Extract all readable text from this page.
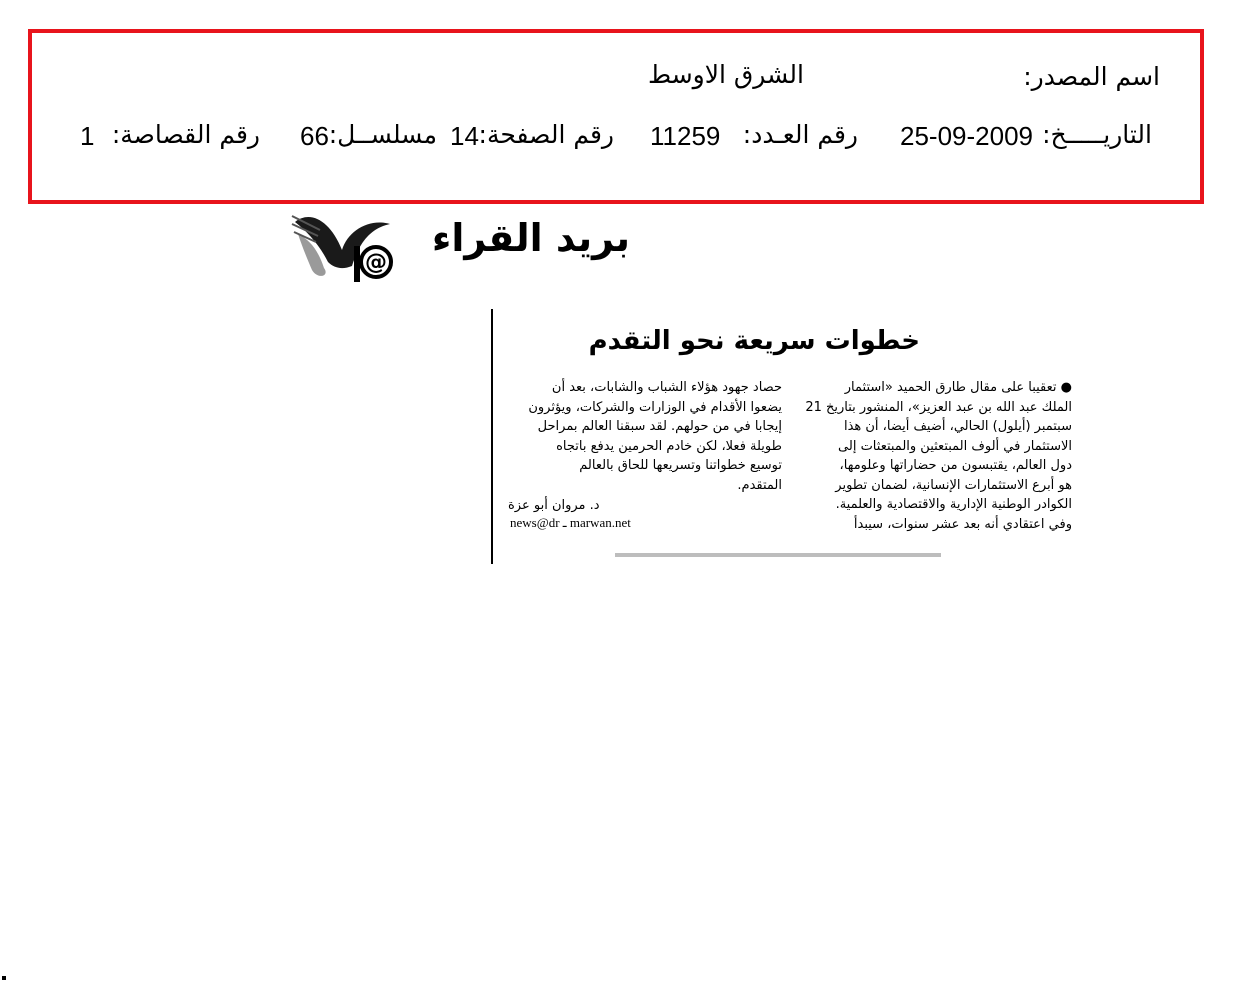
اسم المصدر:
الشرق الاوسط
التاريـــــخ:
25-09-2009
رقم العـدد:
11259
رقم الصفحة:
14
مسلســل:
66
رقم القصاصة:
1
@
بريد القراء
خطوات سريعة نحو التقدم
● تعقيبا على مقال طارق الحميد «استثمار
الملك عبد الله بن عبد العزيز»، المنشور بتاريخ 21
سبتمبر (أيلول) الحالي، أضيف أيضا، أن هذا
الاستثمار في ألوف المبتعثين والمبتعثات إلى
دول العالم، يقتبسون من حضاراتها وعلومها،
هو أبرع الاستثمارات الإنسانية، لضمان تطوير
الكوادر الوطنية الإدارية والاقتصادية والعلمية.
وفي اعتقادي أنه بعد عشر سنوات، سيبدأ
حصاد جهود هؤلاء الشباب والشابات، بعد أن
يضعوا الأقدام في الوزارات والشركات، ويؤثرون
إيجابا في من حولهم. لقد سبقنا العالم بمراحل
طويلة فعلا، لكن خادم الحرمين يدفع باتجاه
توسيع خطواتنا وتسريعها للحاق بالعالم
المتقدم.
د. مروان أبو عزة
news@dr ـ marwan.net
